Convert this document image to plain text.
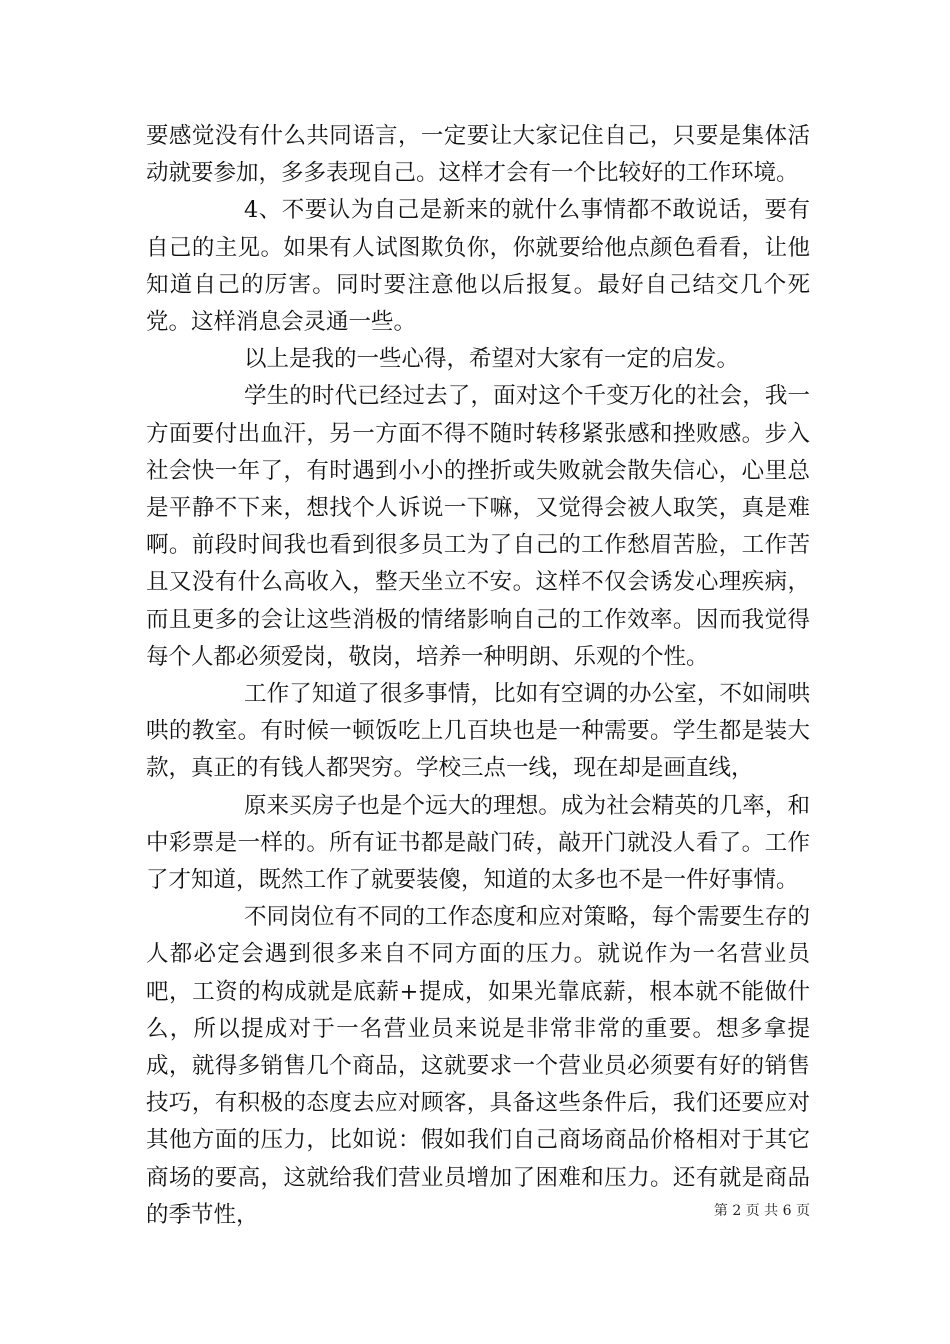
要感觉没有什么共同语言，一定要让大家记住自己，只要是集体活动就要参加，多多表现自己。这样才会有一个比较好的工作环境。

4、不要认为自己是新来的就什么事情都不敢说话，要有自己的主见。如果有人试图欺负你，你就要给他点颜色看看，让他知道自己的厉害。同时要注意他以后报复。最好自己结交几个死党。这样消息会灵通一些。

以上是我的一些心得，希望对大家有一定的启发。

学生的时代已经过去了，面对这个千变万化的社会，我一方面要付出血汗，另一方面不得不随时转移紧张感和挫败感。步入社会快一年了，有时遇到小小的挫折或失败就会散失信心，心里总是平静不下来，想找个人诉说一下嘛，又觉得会被人取笑，真是难啊。前段时间我也看到很多员工为了自己的工作愁眉苦脸，工作苦且又没有什么高收入，整天坐立不安。这样不仅会诱发心理疾病，而且更多的会让这些消极的情绪影响自己的工作效率。因而我觉得每个人都必须爱岗，敬岗，培养一种明朗、乐观的个性。

工作了知道了很多事情，比如有空调的办公室，不如闹哄哄的教室。有时候一顿饭吃上几百块也是一种需要。学生都是装大款，真正的有钱人都哭穷。学校三点一线，现在却是画直线，

原来买房子也是个远大的理想。成为社会精英的几率，和中彩票是一样的。所有证书都是敲门砖，敲开门就没人看了。工作了才知道，既然工作了就要装傻，知道的太多也不是一件好事情。

不同岗位有不同的工作态度和应对策略，每个需要生存的人都必定会遇到很多来自不同方面的压力。就说作为一名营业员吧，工资的构成就是底薪+提成，如果光靠底薪，根本就不能做什么，所以提成对于一名营业员来说是非常非常的重要。想多拿提成，就得多销售几个商品，这就要求一个营业员必须要有好的销售技巧，有积极的态度去应对顾客，具备这些条件后，我们还要应对其他方面的压力，比如说：假如我们自己商场商品价格相对于其它商场的要高，这就给我们营业员增加了困难和压力。还有就是商品的季节性，	第 2 页 共 6 页
